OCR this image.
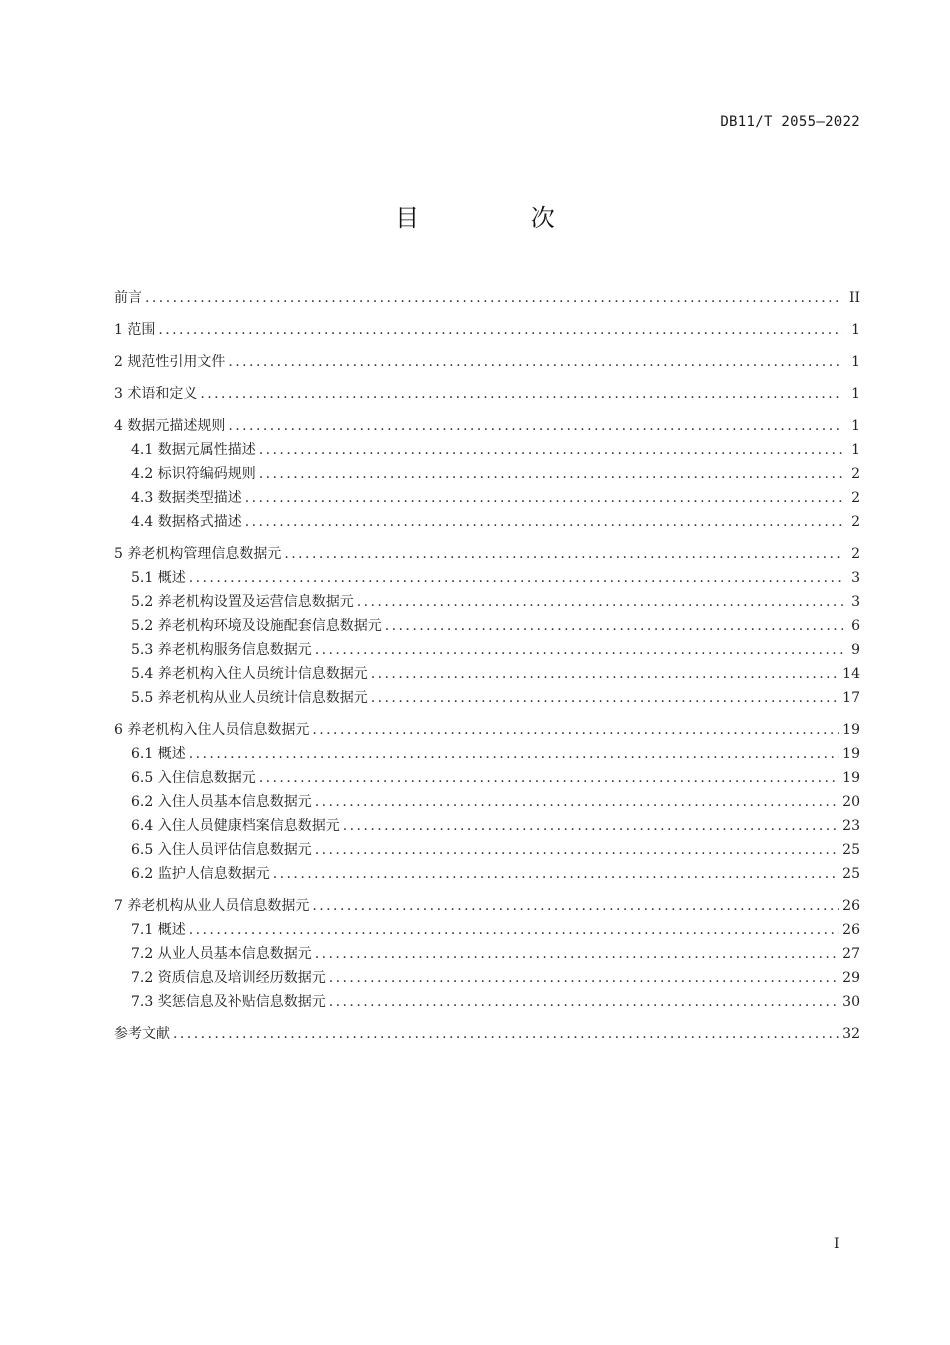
DB11/T 2055—2022
目 次
前言 . . .	II
1 范围 . . .	1
2 规范性引用文件 . . .	1
3 术语和定义 . . .	1
4 数据元描述规则 . . .	1
4.1 数据元属性描述 . . .	1
4.2 标识符编码规则 . . .	2
4.3 数据类型描述 . . .	2
4.4 数据格式描述 . . .	2
5 养老机构管理信息数据元 . . .	2
5.1 概述 . . .	3
5.2 养老机构设置及运营信息数据元 . . .	3
5.2 养老机构环境及设施配套信息数据元 . . .	6
5.3 养老机构服务信息数据元 . . .	9
5.4 养老机构入住人员统计信息数据元 . . .	14
5.5 养老机构从业人员统计信息数据元 . . .	17
6 养老机构入住人员信息数据元 . . .	19
6.1 概述 . . .	19
6.5 入住信息数据元 . . .	19
6.2 入住人员基本信息数据元 . . .	20
6.4 入住人员健康档案信息数据元 . . .	23
6.5 入住人员评估信息数据元 . . .	25
6.2 监护人信息数据元 . . .	25
7 养老机构从业人员信息数据元 . . .	26
7.1 概述 . . .	26
7.2 从业人员基本信息数据元 . . .	27
7.2 资质信息及培训经历数据元 . . .	29
7.3 奖惩信息及补贴信息数据元 . . .	30
参考文献 . . .	32
I
